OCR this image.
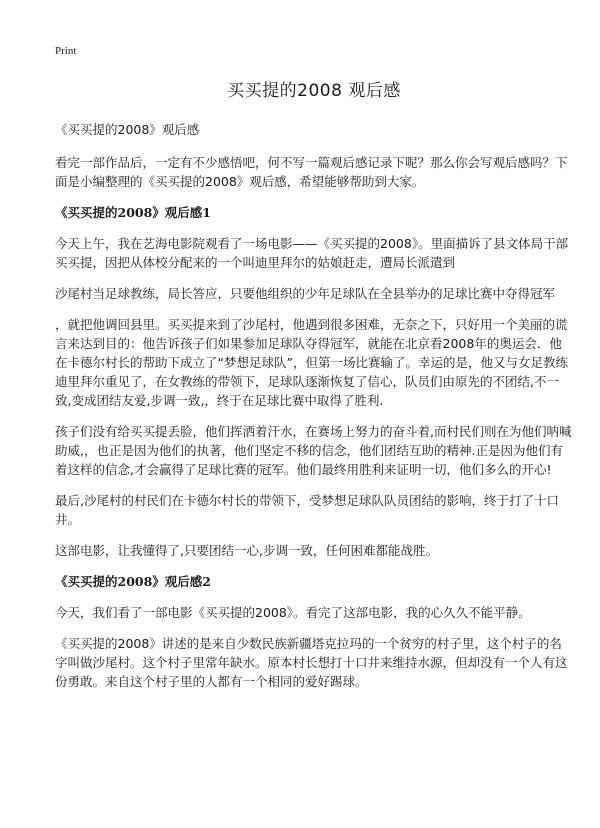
Print
买买提的2008 观后感
《买买提的2008》观后感

看完一部作品后，一定有不少感悟吧，何不写一篇观后感记录下呢？那么你会写观后感吗？下面是小编整理的《买买提的2008》观后感，希望能够帮助到大家。

《买买提的2008》观后感1

今天上午，我在艺海电影院观看了一场电影——《买买提的2008》。里面描诉了县文体局干部买买提，因把从体校分配来的一个叫迪里拜尔的姑娘赶走，遭局长派遣到

沙尾村当足球教练，局长答应，只要他组织的少年足球队在全县举办的足球比赛中夺得冠军

，就把他调回县里。买买提来到了沙尾村，他遇到很多困难，无奈之下，只好用一个美丽的谎言来达到目的：他告诉孩子们如果参加足球队夺得冠军，就能在北京看2008年的奥运会．他在卡德尔村长的帮助下成立了“梦想足球队”，但第一场比赛输了。幸运的是，他又与女足教练迪里拜尔重见了，在女教练的带领下，足球队逐渐恢复了信心，队员们由原先的不团结,不一致,变成团结友爱,步调一致,，终于在足球比赛中取得了胜利.

孩子们没有给买买提丢脸，他们挥洒着汗水，在赛场上努力的奋斗着,而村民们则在为他们呐喊助威,，也正是因为他们的执著，他们坚定不移的信念，他们团结互助的精神.正是因为他们有着这样的信念,才会赢得了足球比赛的冠军。他们最终用胜利来证明一切，他们多么的开心!

最后,沙尾村的村民们在卡德尔村长的带领下，受梦想足球队队员团结的影响，终于打了十口井。

这部电影，让我懂得了,只要团结一心,步调一致，任何困难都能战胜。

《买买提的2008》观后感2

今天，我们看了一部电影《买买提的2008》。看完了这部电影，我的心久久不能平静。

《买买提的2008》讲述的是来自少数民族新疆塔克拉玛的一个贫穷的村子里，这个村子的名字叫做沙尾村。这个村子里常年缺水。原本村长想打十口井来维持水源，但却没有一个人有这份勇敢。来自这个村子里的人都有一个相同的爱好踢球。
